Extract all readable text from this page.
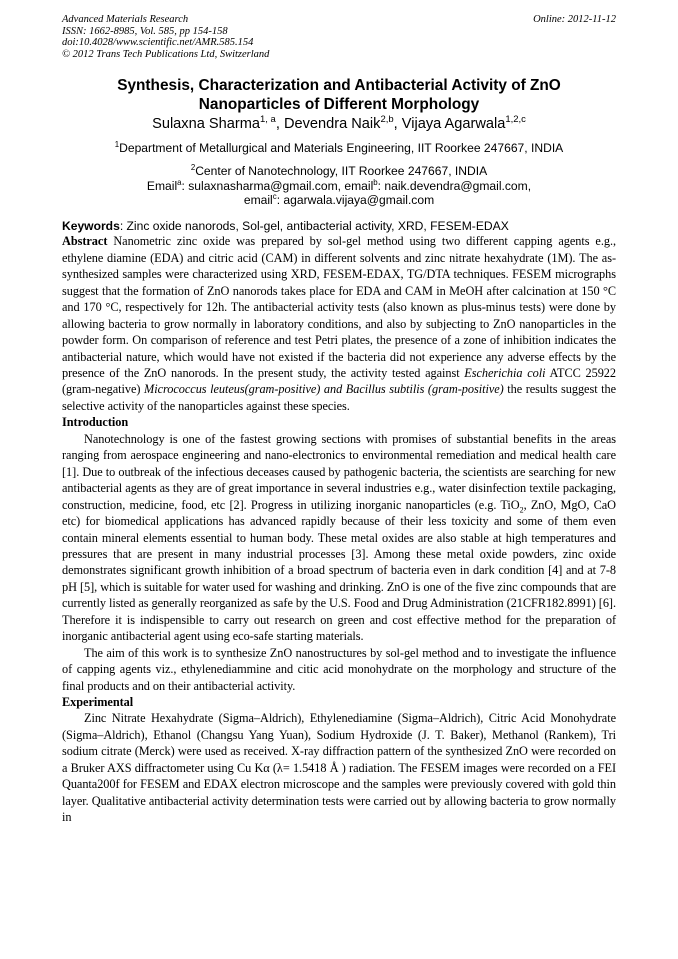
Advanced Materials Research
ISSN: 1662-8985, Vol. 585, pp 154-158
doi:10.4028/www.scientific.net/AMR.585.154
© 2012 Trans Tech Publications Ltd, Switzerland
Online: 2012-11-12
Synthesis, Characterization and Antibacterial Activity of ZnO
Nanoparticles of Different Morphology
Sulaxna Sharma$^{1, a}$, Devendra Naik$^{2,b}$, Vijaya Agarwala$^{1,2,c}$
$^1$Department of Metallurgical and Materials Engineering, IIT Roorkee 247667, INDIA
$^2$Center of Nanotechnology, IIT Roorkee 247667, INDIA
Email$^a$: sulaxnasharma@gmail.com, email$^b$: naik.devendra@gmail.com,
email$^c$: agarwala.vijaya@gmail.com
Keywords: Zinc oxide nanorods, Sol-gel, antibacterial activity, XRD, FESEM-EDAX

Abstract Nanometric zinc oxide was prepared by sol-gel method using two different capping agents e.g., ethylene diamine (EDA) and citric acid (CAM) in different solvents and zinc nitrate hexahydrate (1M). The as-synthesized samples were characterized using XRD, FESEM-EDAX, TG/DTA techniques. FESEM micrographs suggest that the formation of ZnO nanorods takes place for EDA and CAM in MeOH after calcination at 150 °C and 170 °C, respectively for 12h. The antibacterial activity tests (also known as plus-minus tests) were done by allowing bacteria to grow normally in laboratory conditions, and also by subjecting to ZnO nanoparticles in the powder form. On comparison of reference and test Petri plates, the presence of a zone of inhibition indicates the antibacterial nature, which would have not existed if the bacteria did not experience any adverse effects by the presence of the ZnO nanorods. In the present study, the activity tested against Escherichia coli ATCC 25922 (gram-negative) Micrococcus leuteus(gram-positive) and Bacillus subtilis (gram-positive) the results suggest the selective activity of the nanoparticles against these species.

Introduction

Nanotechnology is one of the fastest growing sections with promises of substantial benefits in the areas ranging from aerospace engineering and nano-electronics to environmental remediation and medical health care [1]. Due to outbreak of the infectious deceases caused by pathogenic bacteria, the scientists are searching for new antibacterial agents as they are of great importance in several industries e.g., water disinfection textile packaging, construction, medicine, food, etc [2]. Progress in utilizing inorganic nanoparticles (e.g. TiO$_2$, ZnO, MgO, CaO etc) for biomedical applications has advanced rapidly because of their less toxicity and some of them even contain mineral elements essential to human body. These metal oxides are also stable at high temperatures and pressures that are present in many industrial processes [3]. Among these metal oxide powders, zinc oxide demonstrates significant growth inhibition of a broad spectrum of bacteria even in dark condition [4] and at 7-8 pH [5], which is suitable for water used for washing and drinking. ZnO is one of the five zinc compounds that are currently listed as generally reorganized as safe by the U.S. Food and Drug Administration (21CFR182.8991) [6]. Therefore it is indispensible to carry out research on green and cost effective method for the preparation of inorganic antibacterial agent using eco-safe starting materials.

The aim of this work is to synthesize ZnO nanostructures by sol-gel method and to investigate the influence of capping agents viz., ethylenediammine and citic acid monohydrate on the morphology and structure of the final products and on their antibacterial activity.

Experimental

Zinc Nitrate Hexahydrate (Sigma–Aldrich), Ethylenediamine (Sigma–Aldrich), Citric Acid Monohydrate (Sigma–Aldrich), Ethanol (Changsu Yang Yuan), Sodium Hydroxide (J. T. Baker), Methanol (Rankem), Tri sodium citrate (Merck) were used as received. X-ray diffraction pattern of the synthesized ZnO were recorded on a Bruker AXS diffractometer using Cu Kα (λ= 1.5418 Å ) radiation. The FESEM images were recorded on a FEI Quanta200f for FESEM and EDAX electron microscope and the samples were previously covered with gold thin layer. Qualitative antibacterial activity determination tests were carried out by allowing bacteria to grow normally in
